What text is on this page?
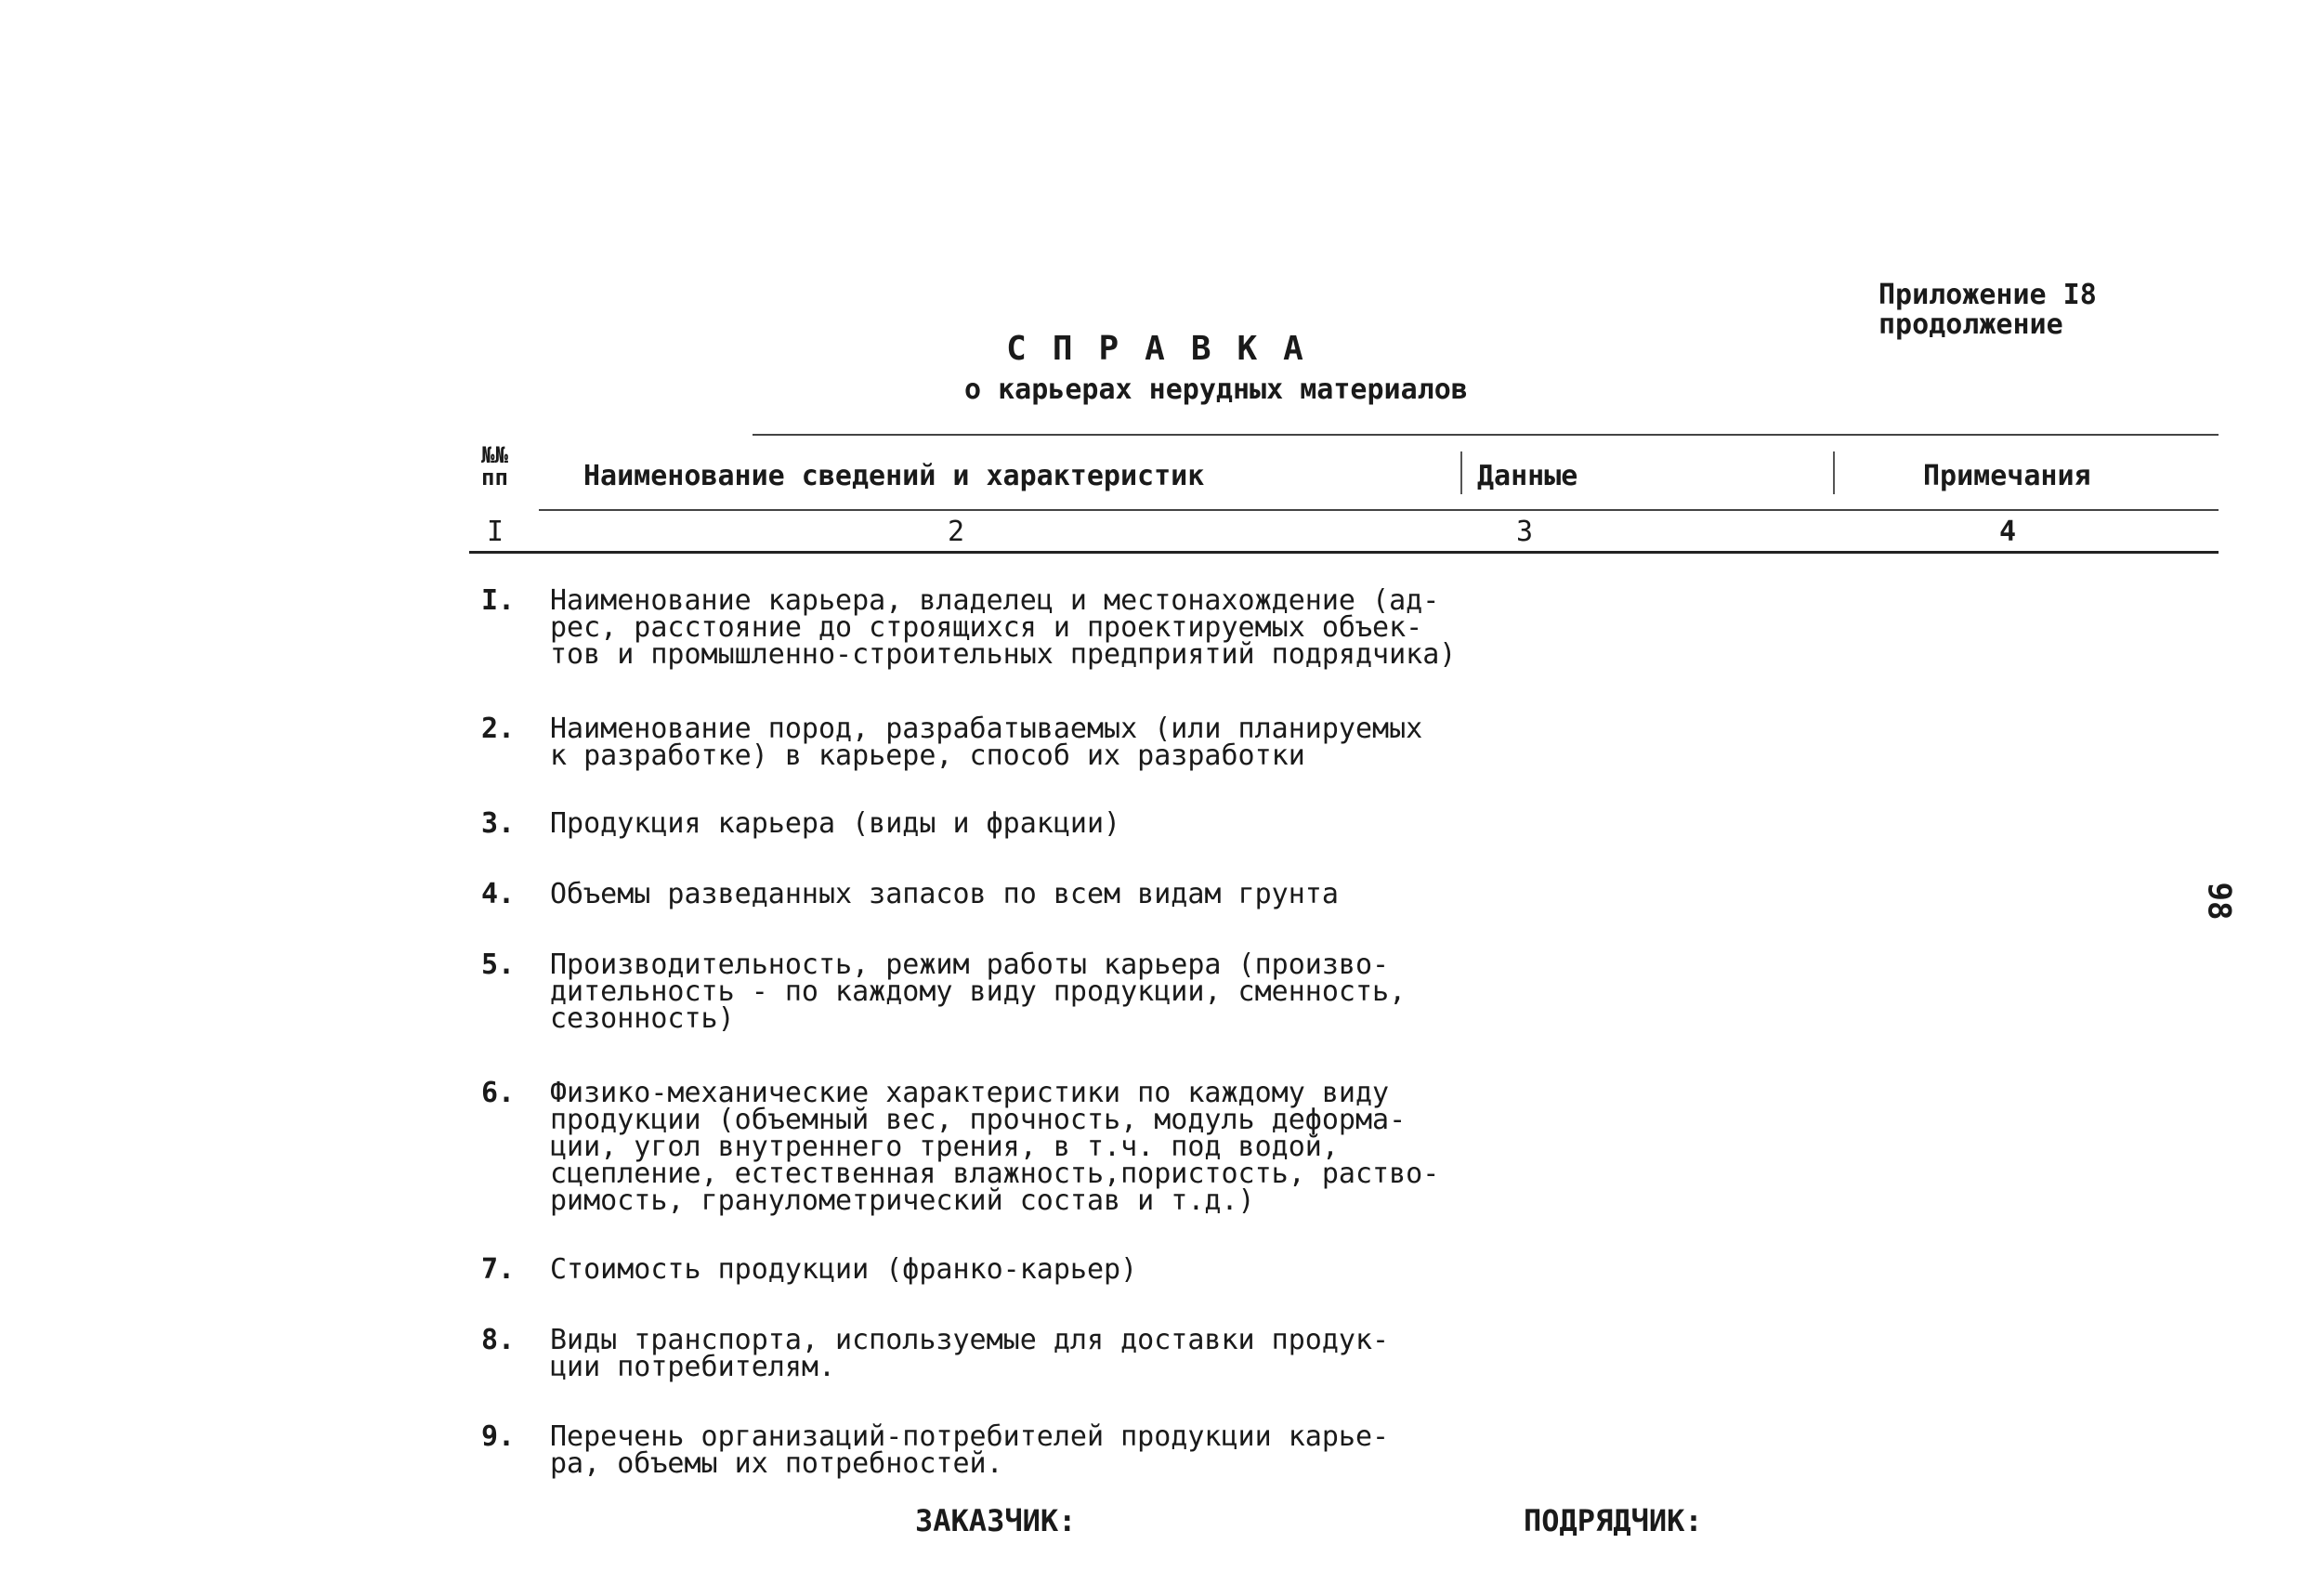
Приложение I8
продолжение
СПРАВКА
о карьерах нерудных материалов
№№
пп	Наименование сведений и характеристик	Данные	Примечания
I	2	3	4
I.	Наименование карьера, владелец и местонахождение (ад-
рес, расстояние до строящихся и проектируемых объек-
тов и промышленно-строительных предприятий подрядчика)
2.	Наименование пород, разрабатываемых (или планируемых
к разработке) в карьере, способ их разработки
3.	Продукция карьера (виды и фракции)
4.	Объемы разведанных запасов по всем видам грунта
5.	Производительность, режим работы карьера (произво-
дительность - по каждому виду продукции, сменность,
сезонность)
6.	Физико-механические характеристики по каждому виду
продукции (объемный вес, прочность, модуль деформа-
ции, угол внутреннего трения, в т.ч. под водой,
сцепление, естественная влажность,пористость, раство-
римость, гранулометрический состав и т.д.)
7.	Стоимость продукции (франко-карьер)
8.	Виды транспорта, используемые для доставки продук-
ции потребителям.
9.	Перечень организаций-потребителей продукции карье-
ра, объемы их потребностей.
ЗАКАЗЧИК:	ПОДРЯДЧИК:
98
